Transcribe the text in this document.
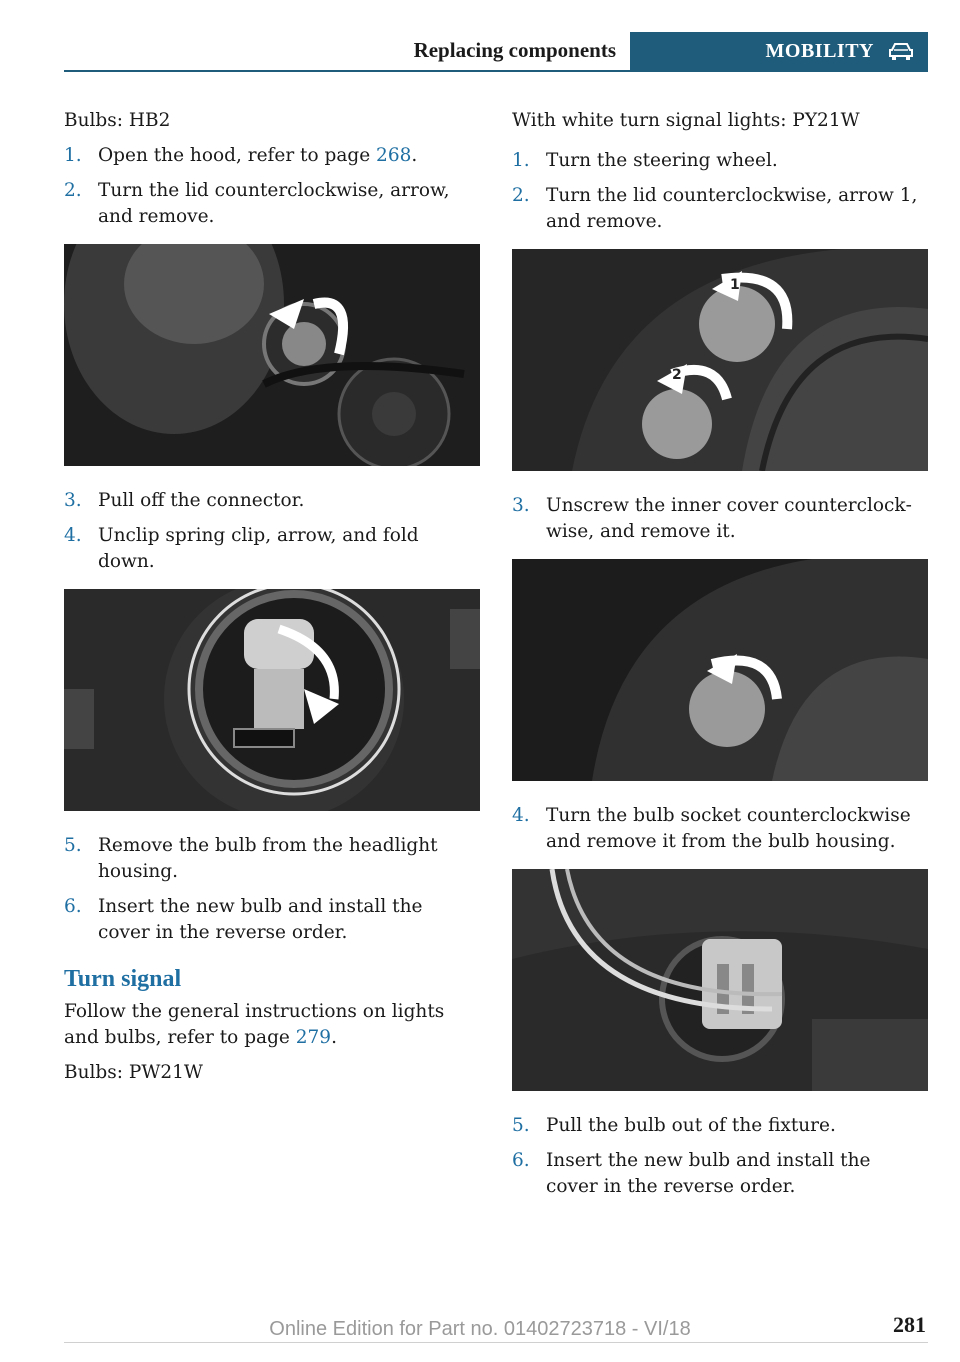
Replacing components	MOBILITY

Bulbs: HB2

1. Open the hood, refer to page 268.
2. Turn the lid counterclockwise, arrow, and remove.
3. Pull off the connector.
4. Unclip spring clip, arrow, and fold down.
5. Remove the bulb from the headlight housing.
6. Insert the new bulb and install the cover in the reverse order.
Turn signal

Follow the general instructions on lights and bulbs, refer to page 279.

Bulbs: PW21W

With white turn signal lights: PY21W

1. Turn the steering wheel.
2. Turn the lid counterclockwise, arrow 1, and remove.
1
2
3. Unscrew the inner cover counterclock‐wise, and remove it.
4. Turn the bulb socket counterclockwise and remove it from the bulb housing.
5. Pull the bulb out of the fixture.
6. Insert the new bulb and install the cover in the reverse order.
Online Edition for Part no. 01402723718 - VI/18	281
